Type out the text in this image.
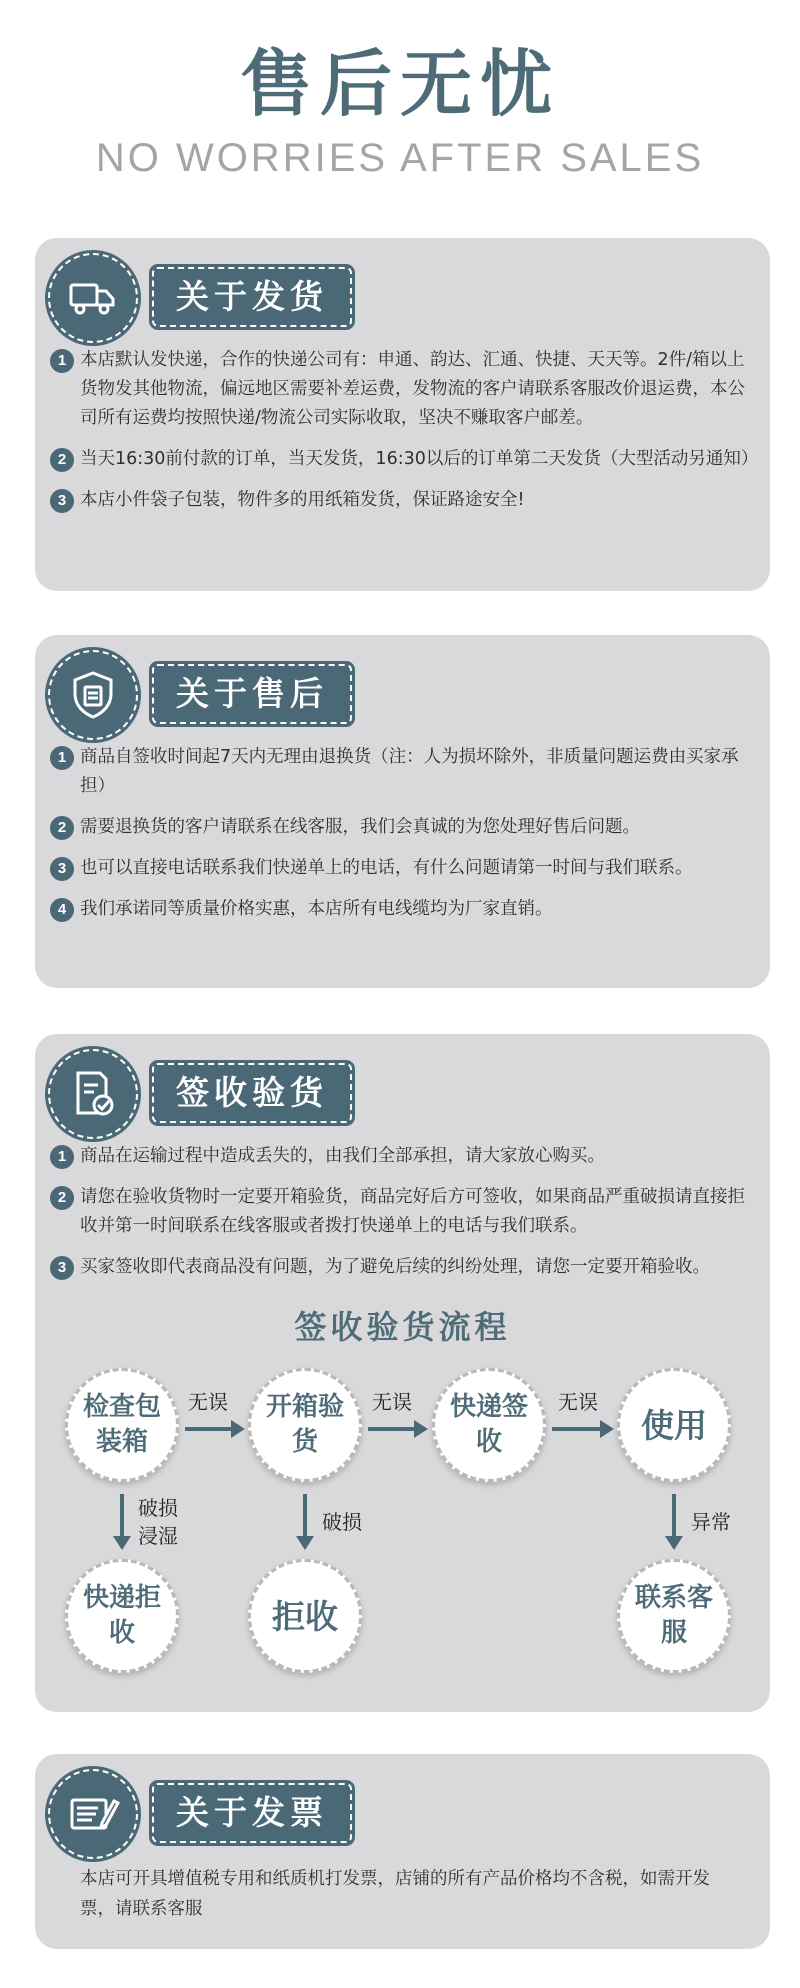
售后无忧
NO WORRIES AFTER SALES
关于发货
1 本店默认发快递，合作的快递公司有：申通、韵达、汇通、快捷、天天等。2件/箱以上货物发其他物流，偏远地区需要补差运费，发物流的客户请联系客服改价退运费，本公司所有运费均按照快递/物流公司实际收取，坚决不赚取客户邮差。
2 当天16:30前付款的订单，当天发货，16:30以后的订单第二天发货（大型活动另通知）
3 本店小件袋子包装，物件多的用纸箱发货，保证路途安全!
关于售后
1 商品自签收时间起7天内无理由退换货（注：人为损坏除外，非质量问题运费由买家承担）
2 需要退换货的客户请联系在线客服，我们会真诚的为您处理好售后问题。
3 也可以直接电话联系我们快递单上的电话，有什么问题请第一时间与我们联系。
4 我们承诺同等质量价格实惠，本店所有电线缆均为厂家直销。
签收验货
1 商品在运输过程中造成丢失的，由我们全部承担，请大家放心购买。
2 请您在验收货物时一定要开箱验货，商品完好后方可签收，如果商品严重破损请直接拒收并第一时间联系在线客服或者拨打快递单上的电话与我们联系。
3 买家签收即代表商品没有问题，为了避免后续的纠纷处理，请您一定要开箱验收。
签收验货流程
检查包装箱
开箱验货
快递签收	使用
无误	无误	无误
破损
浸湿
破损	异常
快递拒收	拒收	联系客服
关于发票
本店可开具增值税专用和纸质机打发票，店铺的所有产品价格均不含税，如需开发票，请联系客服
